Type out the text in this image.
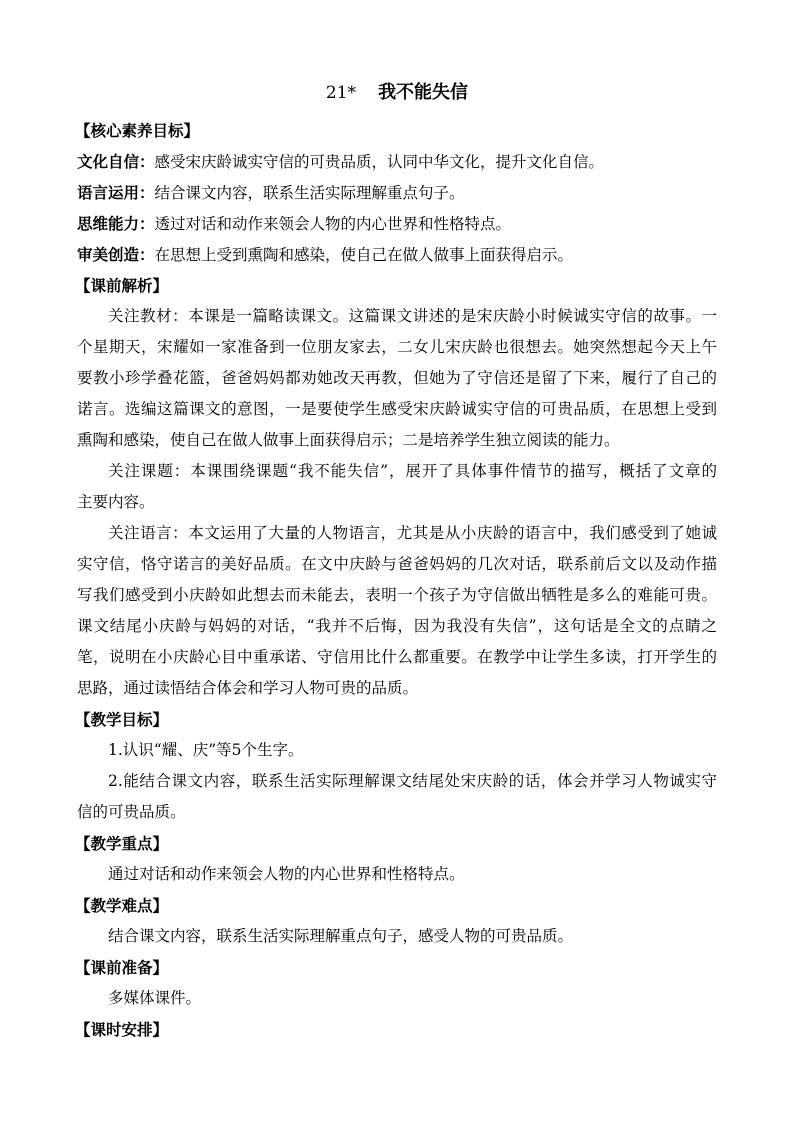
21* 我不能失信
【核心素养目标】
文化自信：感受宋庆龄诚实守信的可贵品质，认同中华文化，提升文化自信。
语言运用：结合课文内容，联系生活实际理解重点句子。
思维能力：透过对话和动作来领会人物的内心世界和性格特点。
审美创造：在思想上受到熏陶和感染，使自己在做人做事上面获得启示。
【课前解析】
关注教材：本课是一篇略读课文。这篇课文讲述的是宋庆龄小时候诚实守信的故事。一
个星期天，宋耀如一家准备到一位朋友家去，二女儿宋庆龄也很想去。她突然想起今天上午
要教小珍学叠花篮，爸爸妈妈都劝她改天再教，但她为了守信还是留了下来，履行了自己的
诺言。选编这篇课文的意图，一是要使学生感受宋庆龄诚实守信的可贵品质，在思想上受到
熏陶和感染，使自己在做人做事上面获得启示；二是培养学生独立阅读的能力。
关注课题：本课围绕课题“我不能失信”，展开了具体事件情节的描写，概括了文章的
主要内容。
关注语言：本文运用了大量的人物语言，尤其是从小庆龄的语言中，我们感受到了她诚
实守信，恪守诺言的美好品质。在文中庆龄与爸爸妈妈的几次对话，联系前后文以及动作描
写我们感受到小庆龄如此想去而未能去，表明一个孩子为守信做出牺牲是多么的难能可贵。
课文结尾小庆龄与妈妈的对话，“我并不后悔，因为我没有失信”，这句话是全文的点睛之
笔，说明在小庆龄心目中重承诺、守信用比什么都重要。在教学中让学生多读，打开学生的
思路，通过读悟结合体会和学习人物可贵的品质。
【教学目标】
1.认识“耀、庆”等5个生字。
2.能结合课文内容，联系生活实际理解课文结尾处宋庆龄的话，体会并学习人物诚实守
信的可贵品质。
【教学重点】
通过对话和动作来领会人物的内心世界和性格特点。
【教学难点】
结合课文内容，联系生活实际理解重点句子，感受人物的可贵品质。
【课前准备】
多媒体课件。
【课时安排】
